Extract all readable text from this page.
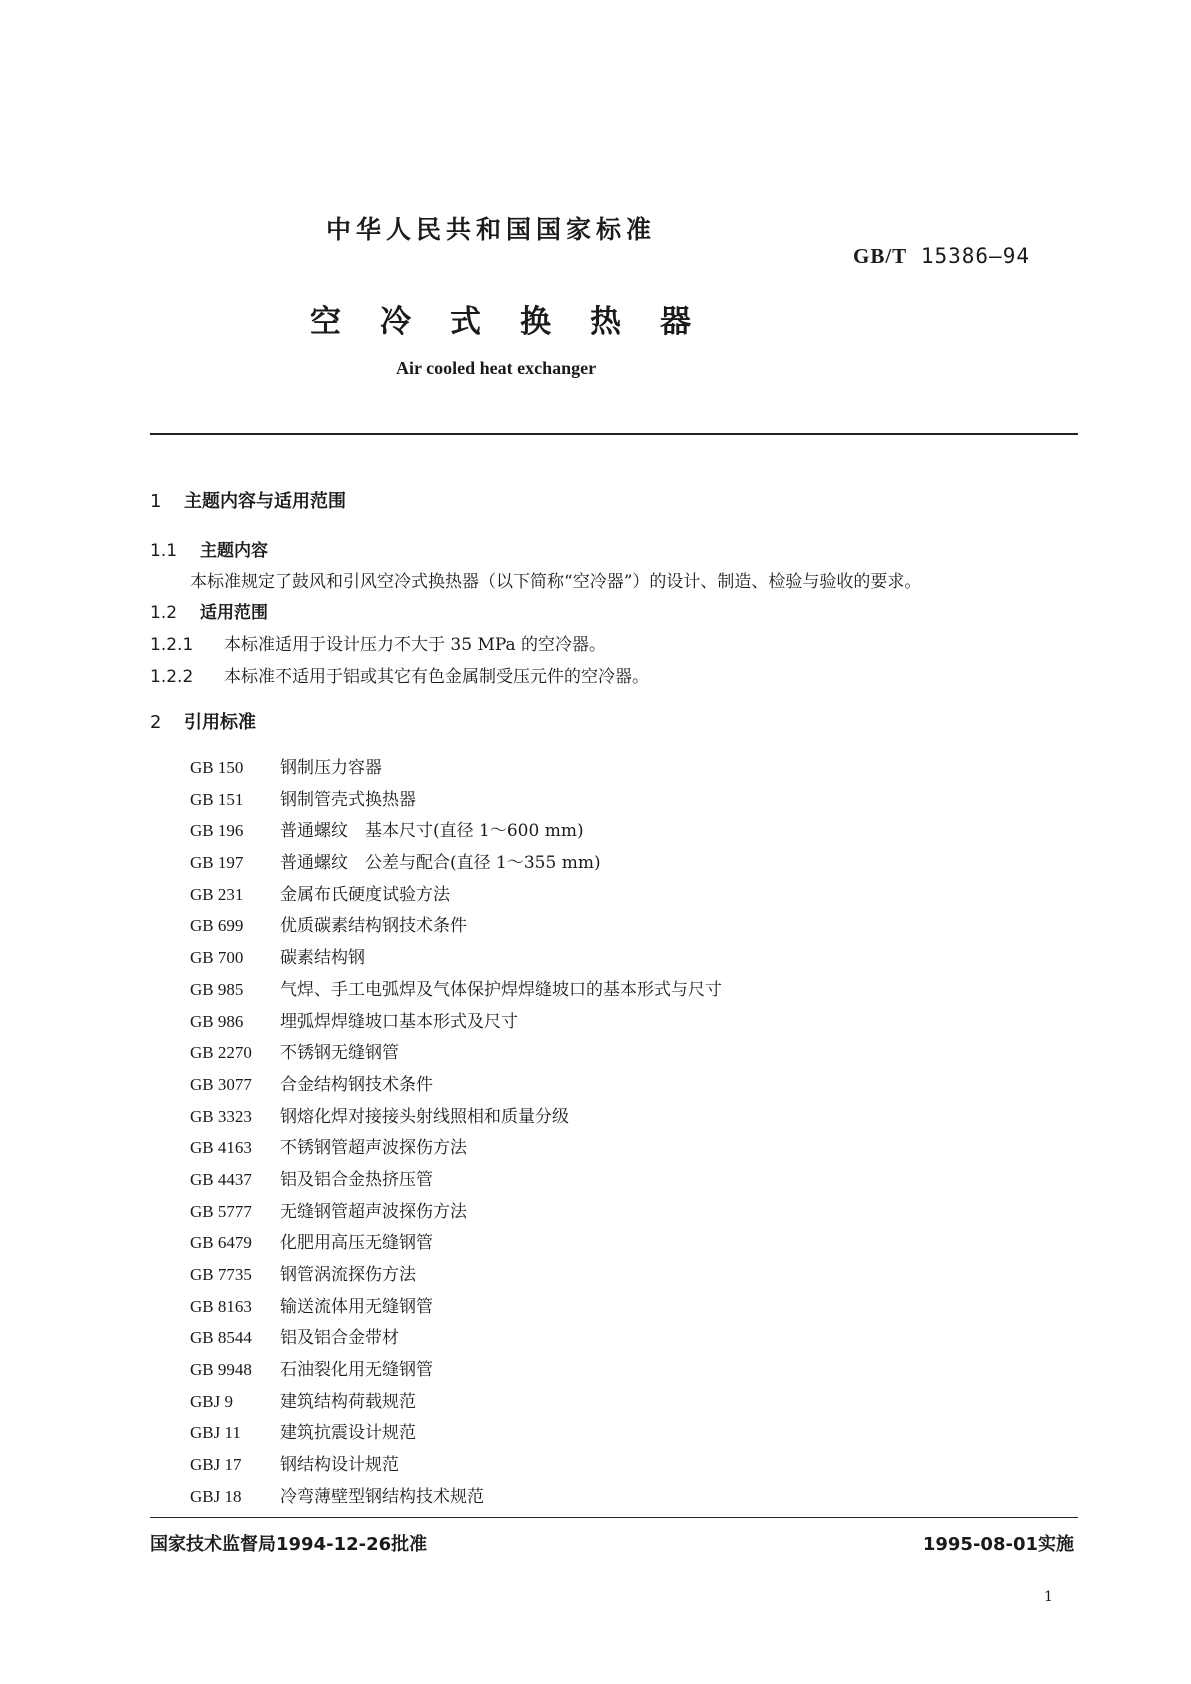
中华人民共和国国家标准
GB/T 15386—94
空冷式换热器
Air cooled heat exchanger
1 主题内容与适用范围
1.1 主题内容
本标准规定了鼓风和引风空冷式换热器（以下简称“空冷器”）的设计、制造、检验与验收的要求。
1.2 适用范围
1.2.1 本标准适用于设计压力不大于 35 MPa 的空冷器。
1.2.2 本标准不适用于铝或其它有色金属制受压元件的空冷器。
2 引用标准
GB 150 钢制压力容器
GB 151 钢制管壳式换热器
GB 196 普通螺纹　基本尺寸(直径 1～600 mm)
GB 197 普通螺纹　公差与配合(直径 1～355 mm)
GB 231 金属布氏硬度试验方法
GB 699 优质碳素结构钢技术条件
GB 700 碳素结构钢
GB 985 气焊、手工电弧焊及气体保护焊焊缝坡口的基本形式与尺寸
GB 986 埋弧焊焊缝坡口基本形式及尺寸
GB 2270 不锈钢无缝钢管
GB 3077 合金结构钢技术条件
GB 3323 钢熔化焊对接接头射线照相和质量分级
GB 4163 不锈钢管超声波探伤方法
GB 4437 铝及铝合金热挤压管
GB 5777 无缝钢管超声波探伤方法
GB 6479 化肥用高压无缝钢管
GB 7735 钢管涡流探伤方法
GB 8163 输送流体用无缝钢管
GB 8544 铝及铝合金带材
GB 9948 石油裂化用无缝钢管
GBJ 9	建筑结构荷载规范
GBJ 11 建筑抗震设计规范
GBJ 17 钢结构设计规范
GBJ 18 冷弯薄壁型钢结构技术规范
国家技术监督局1994-12-26批准	1995-08-01实施
1
